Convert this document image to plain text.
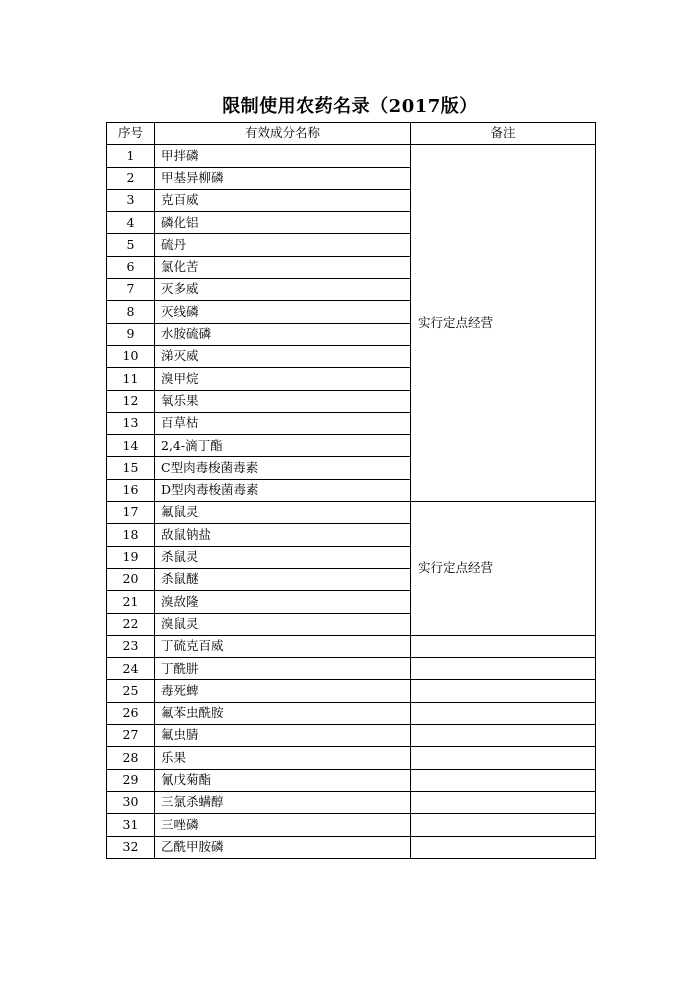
限制使用农药名录（2017版）
序号	有效成分名称	备注
1	甲拌磷	实行定点经营
2	甲基异柳磷	
3	克百威	
4	磷化铝	
5	硫丹	
6	氯化苦	
7	灭多威	
8	灭线磷	
9	水胺硫磷	
10	涕灭威	
11	溴甲烷	
12	氧乐果	
13	百草枯	
14	2,4-滴丁酯	
15	C型肉毒梭菌毒素	
16	D型肉毒梭菌毒素	
17	氟鼠灵	实行定点经营
18	敌鼠钠盐	
19	杀鼠灵	
20	杀鼠醚	
21	溴敌隆	
22	溴鼠灵	
23	丁硫克百威	
24	丁酰肼	
25	毒死蜱	
26	氟苯虫酰胺	
27	氟虫腈	
28	乐果	
29	氰戊菊酯	
30	三氯杀螨醇	
31	三唑磷	
32	乙酰甲胺磷	
